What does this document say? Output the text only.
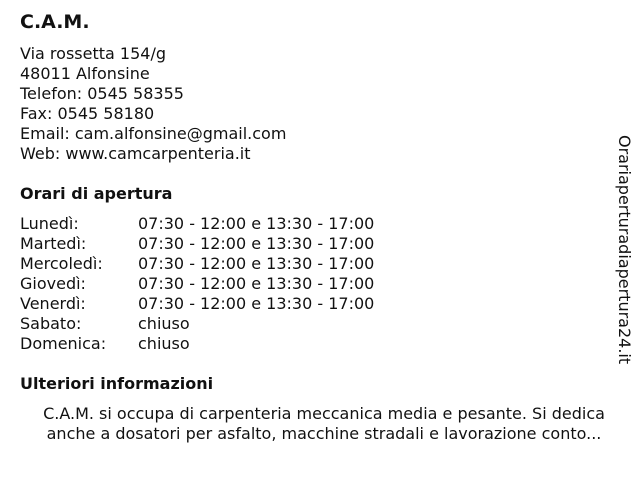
C.A.M.
Via rossetta 154/g
48011 Alfonsine
Telefon: 0545 58355
Fax: 0545 58180
Email: cam.alfonsine@gmail.com
Web: www.camcarpenteria.it
Orari di apertura
Lunedì:	07:30 - 12:00 e 13:30 - 17:00
Martedì:	07:30 - 12:00 e 13:30 - 17:00
Mercoledì: 07:30 - 12:00 e 13:30 - 17:00
Giovedì:	07:30 - 12:00 e 13:30 - 17:00
Venerdì:	07:30 - 12:00 e 13:30 - 17:00
Sabato:	chiuso
Domenica: chiuso
Ulteriori informazioni
C.A.M. si occupa di carpenteria meccanica media e pesante. Si dedica anche a dosatori per asfalto, macchine stradali e lavorazione conto...
Orariaperturadiapertura24.it
